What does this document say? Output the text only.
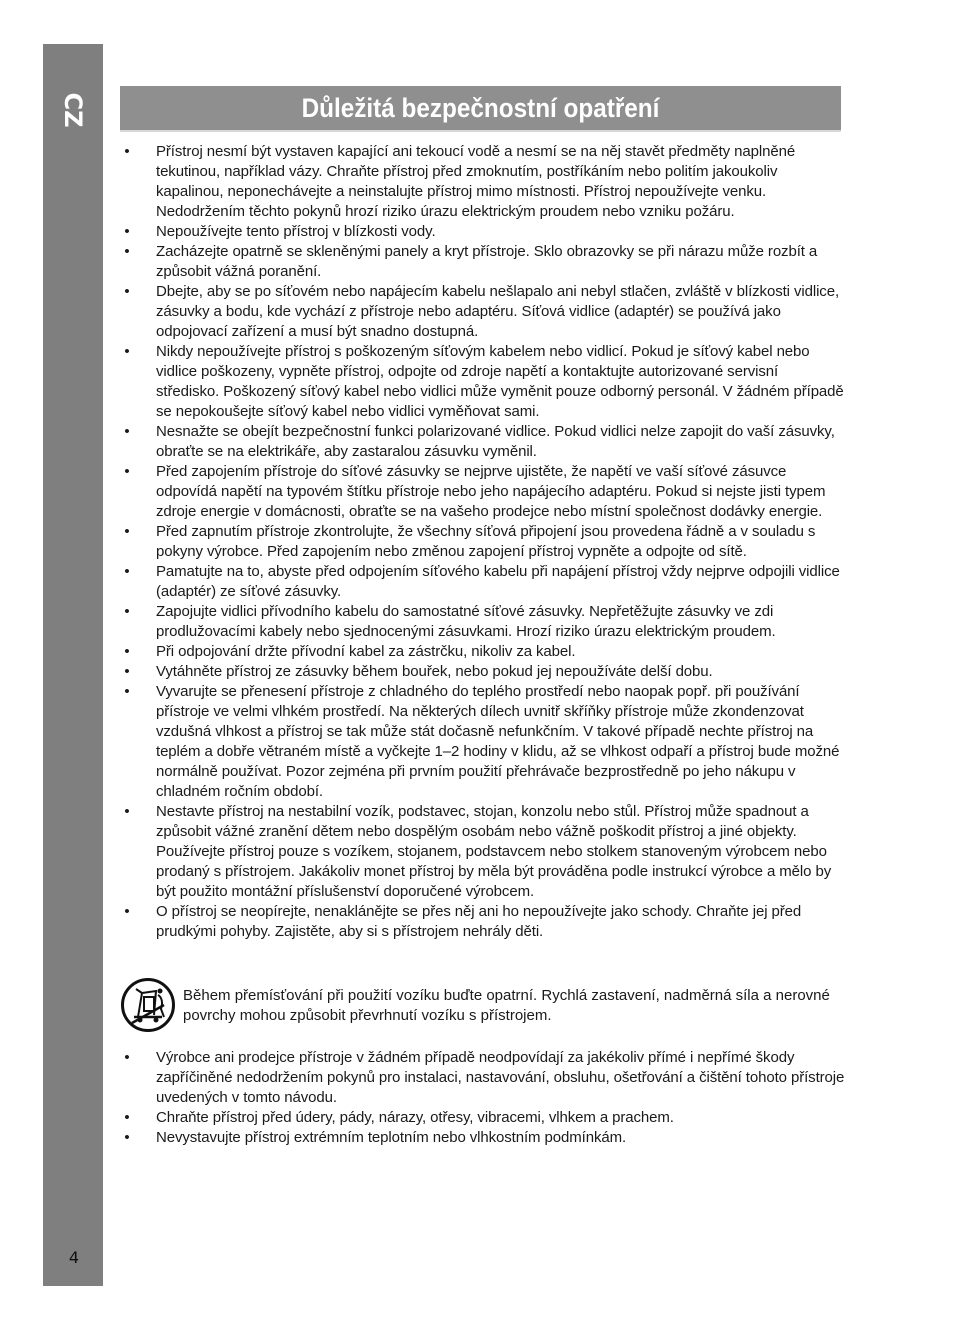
CZ
4
Důležitá bezpečnostní opatření
• Přístroj nesmí být vystaven kapající ani tekoucí vodě a nesmí se na něj stavět předměty naplněné tekutinou, například vázy. Chraňte přístroj před zmoknutím, postříkáním nebo politím jakoukoliv kapalinou, neponechávejte a neinstalujte přístroj mimo místnosti. Přístroj nepoužívejte venku. Nedodržením těchto pokynů hrozí riziko úrazu elektrickým proudem nebo vzniku požáru.
• Nepoužívejte tento přístroj v blízkosti vody.
• Zacházejte opatrně se skleněnými panely a kryt přístroje. Sklo obrazovky se při nárazu může rozbít a způsobit vážná poranění.
• Dbejte, aby se po síťovém nebo napájecím kabelu nešlapalo ani nebyl stlačen, zvláště v blízkosti vidlice, zásuvky a bodu, kde vychází z přístroje nebo adaptéru. Síťová vidlice (adaptér) se používá jako odpojovací zařízení a musí být snadno dostupná.
• Nikdy nepoužívejte přístroj s poškozeným síťovým kabelem nebo vidlicí. Pokud je síťový kabel nebo vidlice poškozeny, vypněte přístroj, odpojte od zdroje napětí a kontaktujte autorizované servisní středisko. Poškozený síťový kabel nebo vidlici může vyměnit pouze odborný personál. V žádném případě se nepokoušejte síťový kabel nebo vidlici vyměňovat sami.
• Nesnažte se obejít bezpečnostní funkci polarizované vidlice. Pokud vidlici nelze zapojit do vaší zásuvky, obraťte se na elektrikáře, aby zastaralou zásuvku vyměnil.
• Před zapojením přístroje do síťové zásuvky se nejprve ujistěte, že napětí ve vaší síťové zásuvce odpovídá napětí na typovém štítku přístroje nebo jeho napájecího adaptéru. Pokud si nejste jisti typem zdroje energie v domácnosti, obraťte se na vašeho prodejce nebo místní společnost dodávky energie.
• Před zapnutím přístroje zkontrolujte, že všechny síťová připojení jsou provedena řádně a v souladu s pokyny výrobce. Před zapojením nebo změnou zapojení přístroj vypněte a odpojte od sítě.
• Pamatujte na to, abyste před odpojením síťového kabelu při napájení přístroj vždy nejprve odpojili vidlice (adaptér) ze síťové zásuvky.
• Zapojujte vidlici přívodního kabelu do samostatné síťové zásuvky. Nepřetěžujte zásuvky ve zdi prodlužovacími kabely nebo sjednocenými zásuvkami. Hrozí riziko úrazu elektrickým proudem.
• Při odpojování držte přívodní kabel za zástrčku, nikoliv za kabel.
• Vytáhněte přístroj ze zásuvky během bouřek, nebo pokud jej nepoužíváte delší dobu.
• Vyvarujte se přenesení přístroje z chladného do teplého prostředí nebo naopak popř. při používání přístroje ve velmi vlhkém prostředí. Na některých dílech uvnitř skříňky přístroje může zkondenzovat vzdušná vlhkost a přístroj se tak může stát dočasně nefunkčním. V takové případě nechte přístroj na teplém a dobře větraném místě a vyčkejte 1–2 hodiny v klidu, až se vlhkost odpaří a přístroj bude možné normálně používat. Pozor zejména při prvním použití přehrávače bezprostředně po jeho nákupu v chladném ročním období.
• Nestavte přístroj na nestabilní vozík, podstavec, stojan, konzolu nebo stůl. Přístroj může spadnout a způsobit vážné zranění dětem nebo dospělým osobám nebo vážně poškodit přístroj a jiné objekty. Používejte přístroj pouze s vozíkem, stojanem, podstavcem nebo stolkem stanoveným výrobcem nebo prodaný s přístrojem. Jakákoliv monet přístroj by měla být prováděna podle instrukcí výrobce a mělo by být použito montážní příslušenství doporučené výrobcem.
• O přístroj se neopírejte, nenaklánějte se přes něj ani ho nepoužívejte jako schody. Chraňte jej před prudkými pohyby. Zajistěte, aby si s přístrojem nehrály děti.
Během přemísťování při použití vozíku buďte opatrní. Rychlá zastavení, nadměrná síla a nerovné povrchy mohou způsobit převrhnutí vozíku s přístrojem.
• Výrobce ani prodejce přístroje v žádném případě neodpovídají za jakékoliv přímé i nepřímé škody zapříčiněné nedodržením pokynů pro instalaci, nastavování, obsluhu, ošetřování a čištění tohoto přístroje uvedených v tomto návodu.
• Chraňte přístroj před údery, pády, nárazy, otřesy, vibracemi, vlhkem a prachem.
• Nevystavujte přístroj extrémním teplotním nebo vlhkostním podmínkám.
